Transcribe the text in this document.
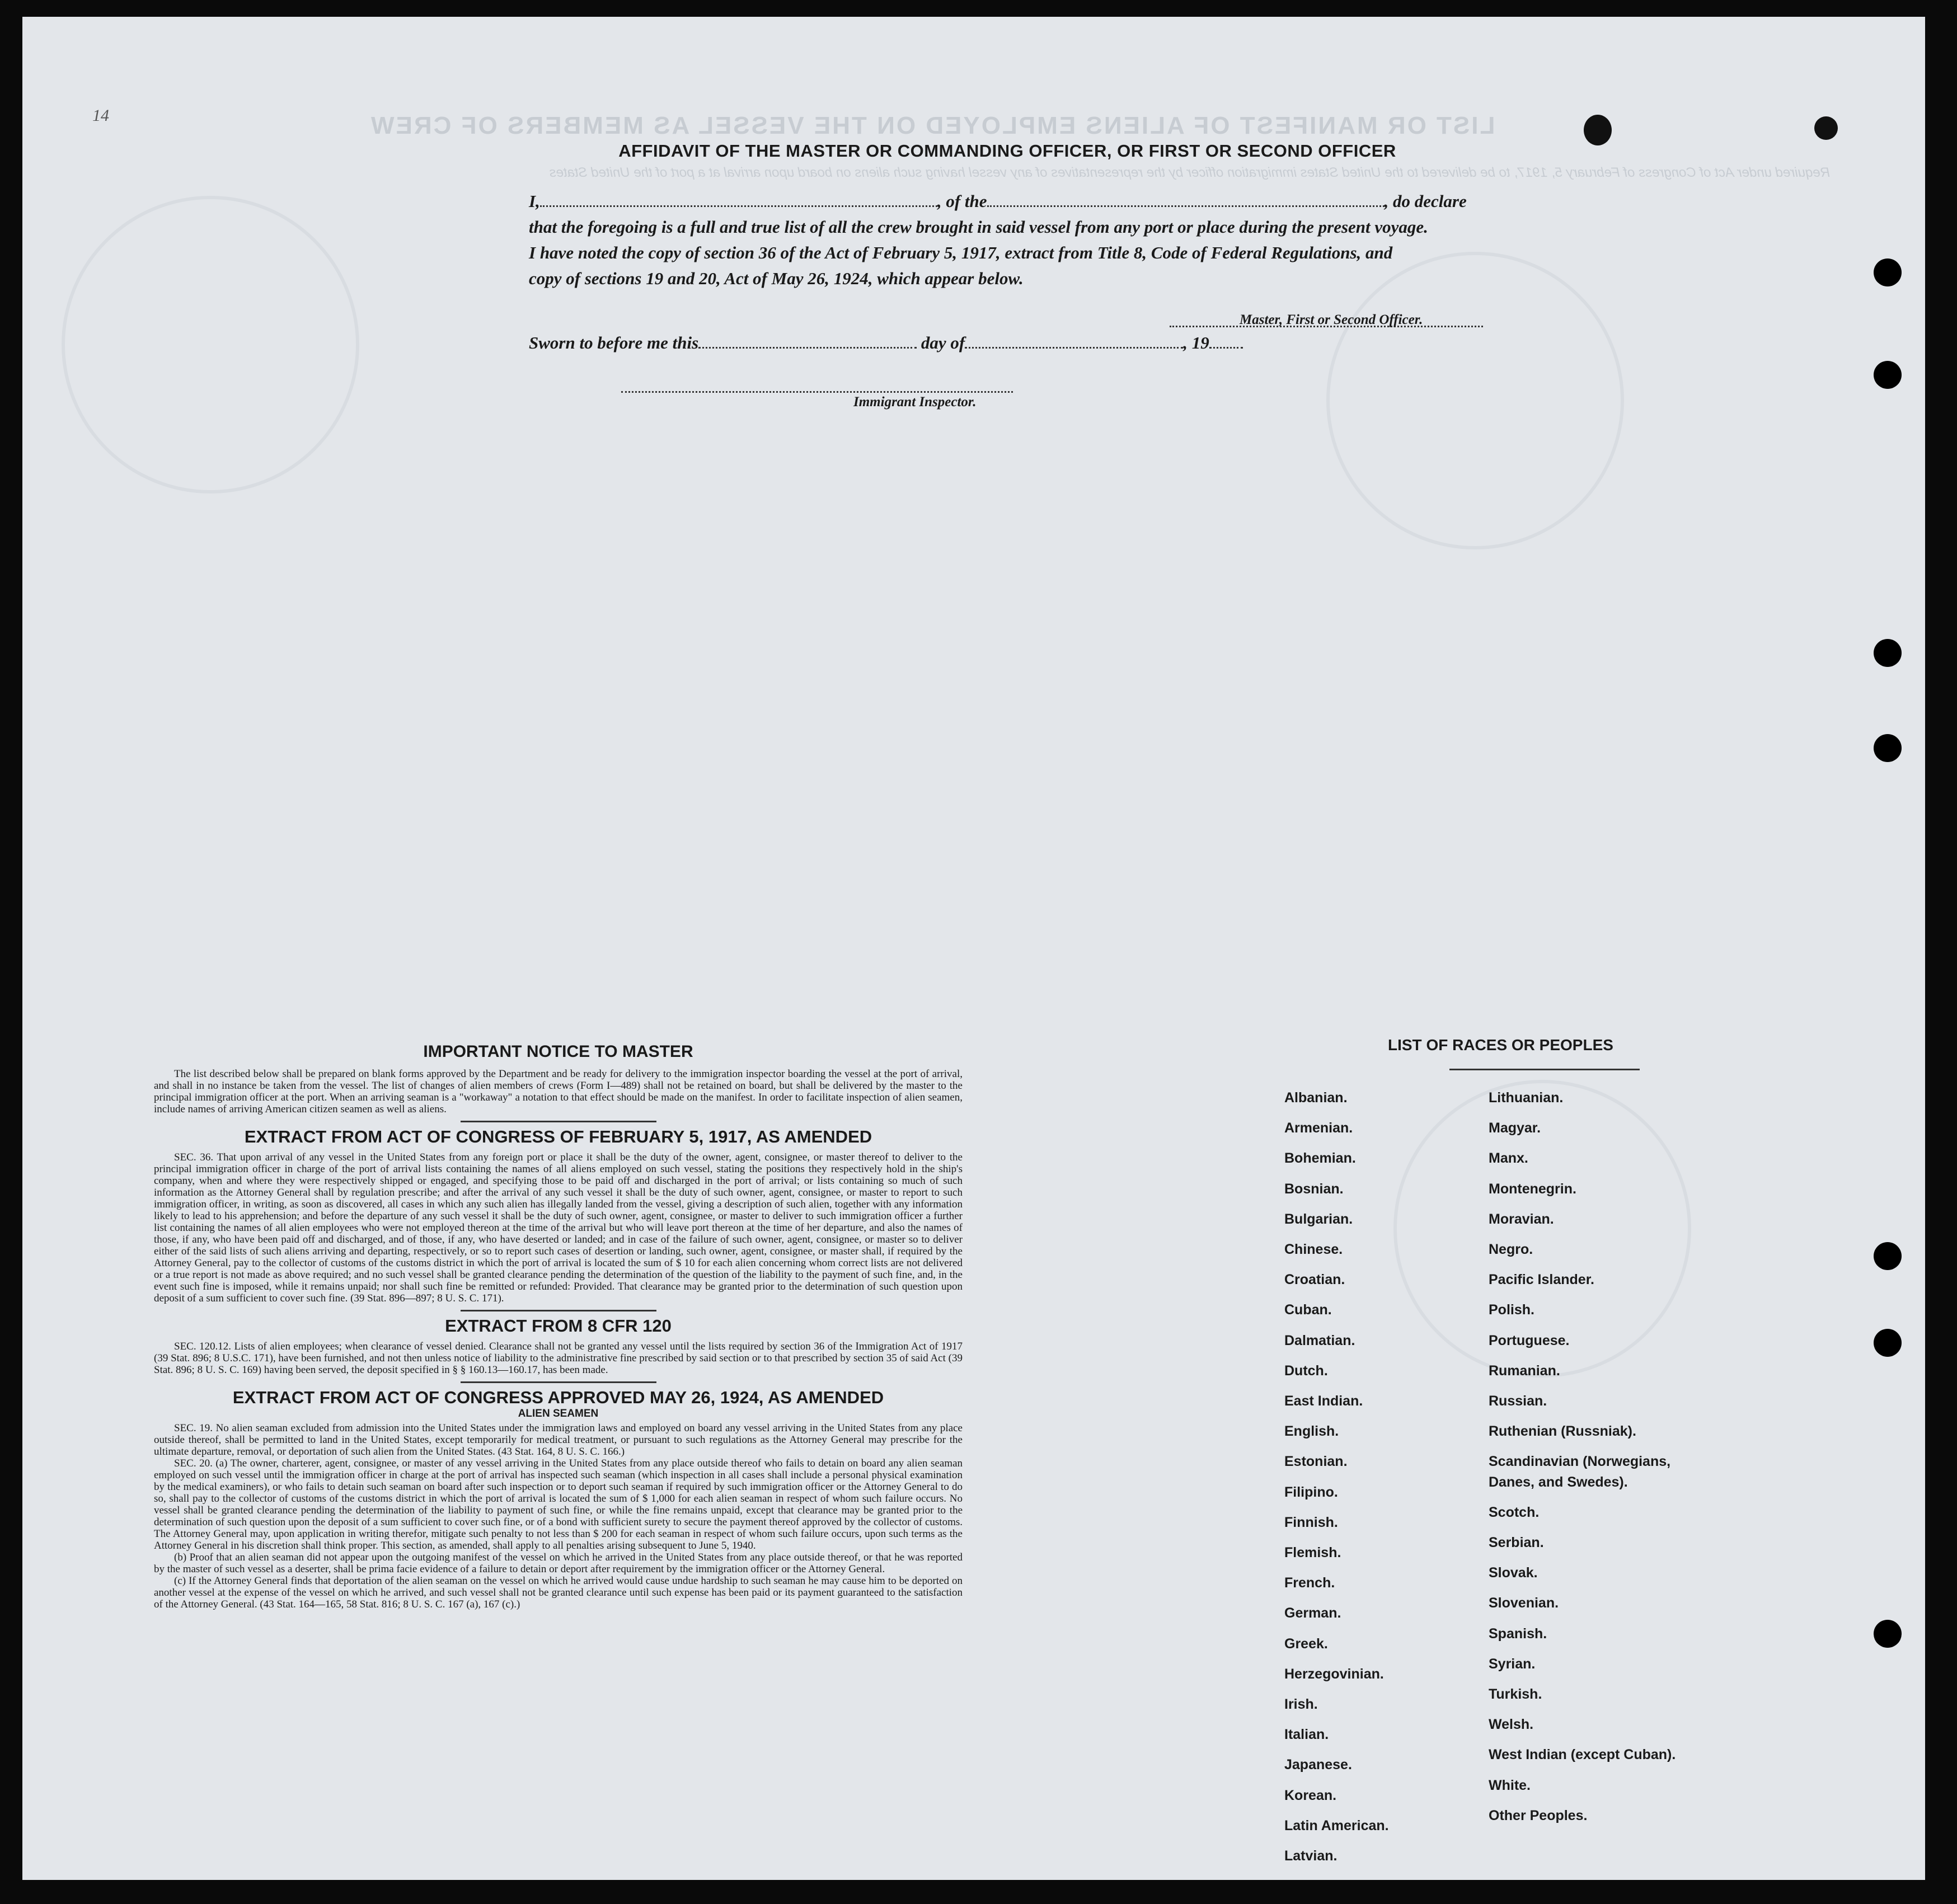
LIST OR MANIFEST OF ALIENS EMPLOYED ON THE VESSEL AS MEMBERS OF CREW
Required under Act of Congress of February 5, 1917, to be delivered to the United States immigration officer by the representatives of any vessel having such aliens on board upon arrival at a port of the United States
14
AFFIDAVIT OF THE MASTER OR COMMANDING OFFICER, OR FIRST OR SECOND OFFICER
I,	, of the	, do declare
that the foregoing is a full and true list of all the crew brought in said vessel from any port or place during the present voyage.
I have noted the copy of section 36 of the Act of February 5, 1917, extract from Title 8, Code of Federal Regulations, and
copy of sections 19 and 20, Act of May 26, 1924, which appear below.
Master, First or Second Officer.
Sworn to before me this	day of	, 19
Immigrant Inspector.
IMPORTANT NOTICE TO MASTER

The list described below shall be prepared on blank forms approved by the Department and be ready for delivery to the immigration inspector boarding the vessel at the port of arrival, and shall in no instance be taken from the vessel. The list of changes of alien members of crews (Form I—489) shall not be retained on board, but shall be delivered by the master to the principal immigration officer at the port. When an arriving seaman is a "workaway" a notation to that effect should be made on the manifest. In order to facilitate inspection of alien seamen, include names of arriving American citizen seamen as well as aliens.

EXTRACT FROM ACT OF CONGRESS OF FEBRUARY 5, 1917, AS AMENDED

SEC. 36. That upon arrival of any vessel in the United States from any foreign port or place it shall be the duty of the owner, agent, consignee, or master thereof to deliver to the principal immigration officer in charge of the port of arrival lists containing the names of all aliens employed on such vessel, stating the positions they respectively hold in the ship's company, when and where they were respectively shipped or engaged, and specifying those to be paid off and discharged in the port of arrival; or lists containing so much of such information as the Attorney General shall by regulation prescribe; and after the arrival of any such vessel it shall be the duty of such owner, agent, consignee, or master to report to such immigration officer, in writing, as soon as discovered, all cases in which any such alien has illegally landed from the vessel, giving a description of such alien, together with any information likely to lead to his apprehension; and before the departure of any such vessel it shall be the duty of such owner, agent, consignee, or master to deliver to such immigration officer a further list containing the names of all alien employees who were not employed thereon at the time of the arrival but who will leave port thereon at the time of her departure, and also the names of those, if any, who have been paid off and discharged, and of those, if any, who have deserted or landed; and in case of the failure of such owner, agent, consignee, or master so to deliver either of the said lists of such aliens arriving and departing, respectively, or so to report such cases of desertion or landing, such owner, agent, consignee, or master shall, if required by the Attorney General, pay to the collector of customs of the customs district in which the port of arrival is located the sum of $ 10 for each alien concerning whom correct lists are not delivered or a true report is not made as above required; and no such vessel shall be granted clearance pending the determination of the question of the liability to the payment of such fine, and, in the event such fine is imposed, while it remains unpaid; nor shall such fine be remitted or refunded: Provided. That clearance may be granted prior to the determination of such question upon deposit of a sum sufficient to cover such fine. (39 Stat. 896—897; 8 U. S. C. 171).

EXTRACT FROM 8 CFR 120

SEC. 120.12. Lists of alien employees; when clearance of vessel denied. Clearance shall not be granted any vessel until the lists required by section 36 of the Immigration Act of 1917 (39 Stat. 896; 8 U.S.C. 171), have been furnished, and not then unless notice of liability to the administrative fine prescribed by said section or to that prescribed by section 35 of said Act (39 Stat. 896; 8 U. S. C. 169) having been served, the deposit specified in § § 160.13—160.17, has been made.

EXTRACT FROM ACT OF CONGRESS APPROVED MAY 26, 1924, AS AMENDED
ALIEN SEAMEN

SEC. 19. No alien seaman excluded from admission into the United States under the immigration laws and employed on board any vessel arriving in the United States from any place outside thereof, shall be permitted to land in the United States, except temporarily for medical treatment, or pursuant to such regulations as the Attorney General may prescribe for the ultimate departure, removal, or deportation of such alien from the United States. (43 Stat. 164, 8 U. S. C. 166.)

SEC. 20. (a) The owner, charterer, agent, consignee, or master of any vessel arriving in the United States from any place outside thereof who fails to detain on board any alien seaman employed on such vessel until the immigration officer in charge at the port of arrival has inspected such seaman (which inspection in all cases shall include a personal physical examination by the medical examiners), or who fails to detain such seaman on board after such inspection or to deport such seaman if required by such immigration officer or the Attorney General to do so, shall pay to the collector of customs of the customs district in which the port of arrival is located the sum of $ 1,000 for each alien seaman in respect of whom such failure occurs. No vessel shall be granted clearance pending the determination of the liability to payment of such fine, or while the fine remains unpaid, except that clearance may be granted prior to the determination of such question upon the deposit of a sum sufficient to cover such fine, or of a bond with sufficient surety to secure the payment thereof approved by the collector of customs. The Attorney General may, upon application in writing therefor, mitigate such penalty to not less than $ 200 for each seaman in respect of whom such failure occurs, upon such terms as the Attorney General in his discretion shall think proper. This section, as amended, shall apply to all penalties arising subsequent to June 5, 1940.

(b) Proof that an alien seaman did not appear upon the outgoing manifest of the vessel on which he arrived in the United States from any place outside thereof, or that he was reported by the master of such vessel as a deserter, shall be prima facie evidence of a failure to detain or deport after requirement by the immigration officer or the Attorney General.

(c) If the Attorney General finds that deportation of the alien seaman on the vessel on which he arrived would cause undue hardship to such seaman he may cause him to be deported on another vessel at the expense of the vessel on which he arrived, and such vessel shall not be granted clearance until such expense has been paid or its payment guaranteed to the satisfaction of the Attorney General. (43 Stat. 164—165, 58 Stat. 816; 8 U. S. C. 167 (a), 167 (c).)

LIST OF RACES OR PEOPLES
Albanian.
Armenian.
Bohemian.
Bosnian.
Bulgarian.
Chinese.
Croatian.
Cuban.
Dalmatian.
Dutch.
East Indian.
English.
Estonian.
Filipino.
Finnish.
Flemish.
French.
German.
Greek.
Herzegovinian.
Irish.
Italian.
Japanese.
Korean.
Latin American.
Latvian.
Lithuanian.
Magyar.
Manx.
Montenegrin.
Moravian.
Negro.
Pacific Islander.
Polish.
Portuguese.
Rumanian.
Russian.
Ruthenian (Russniak).
Scandinavian (Norwegians,
Danes, and Swedes).
Scotch.
Serbian.
Slovak.
Slovenian.
Spanish.
Syrian.
Turkish.
Welsh.
West Indian (except Cuban).
White.
Other Peoples.
